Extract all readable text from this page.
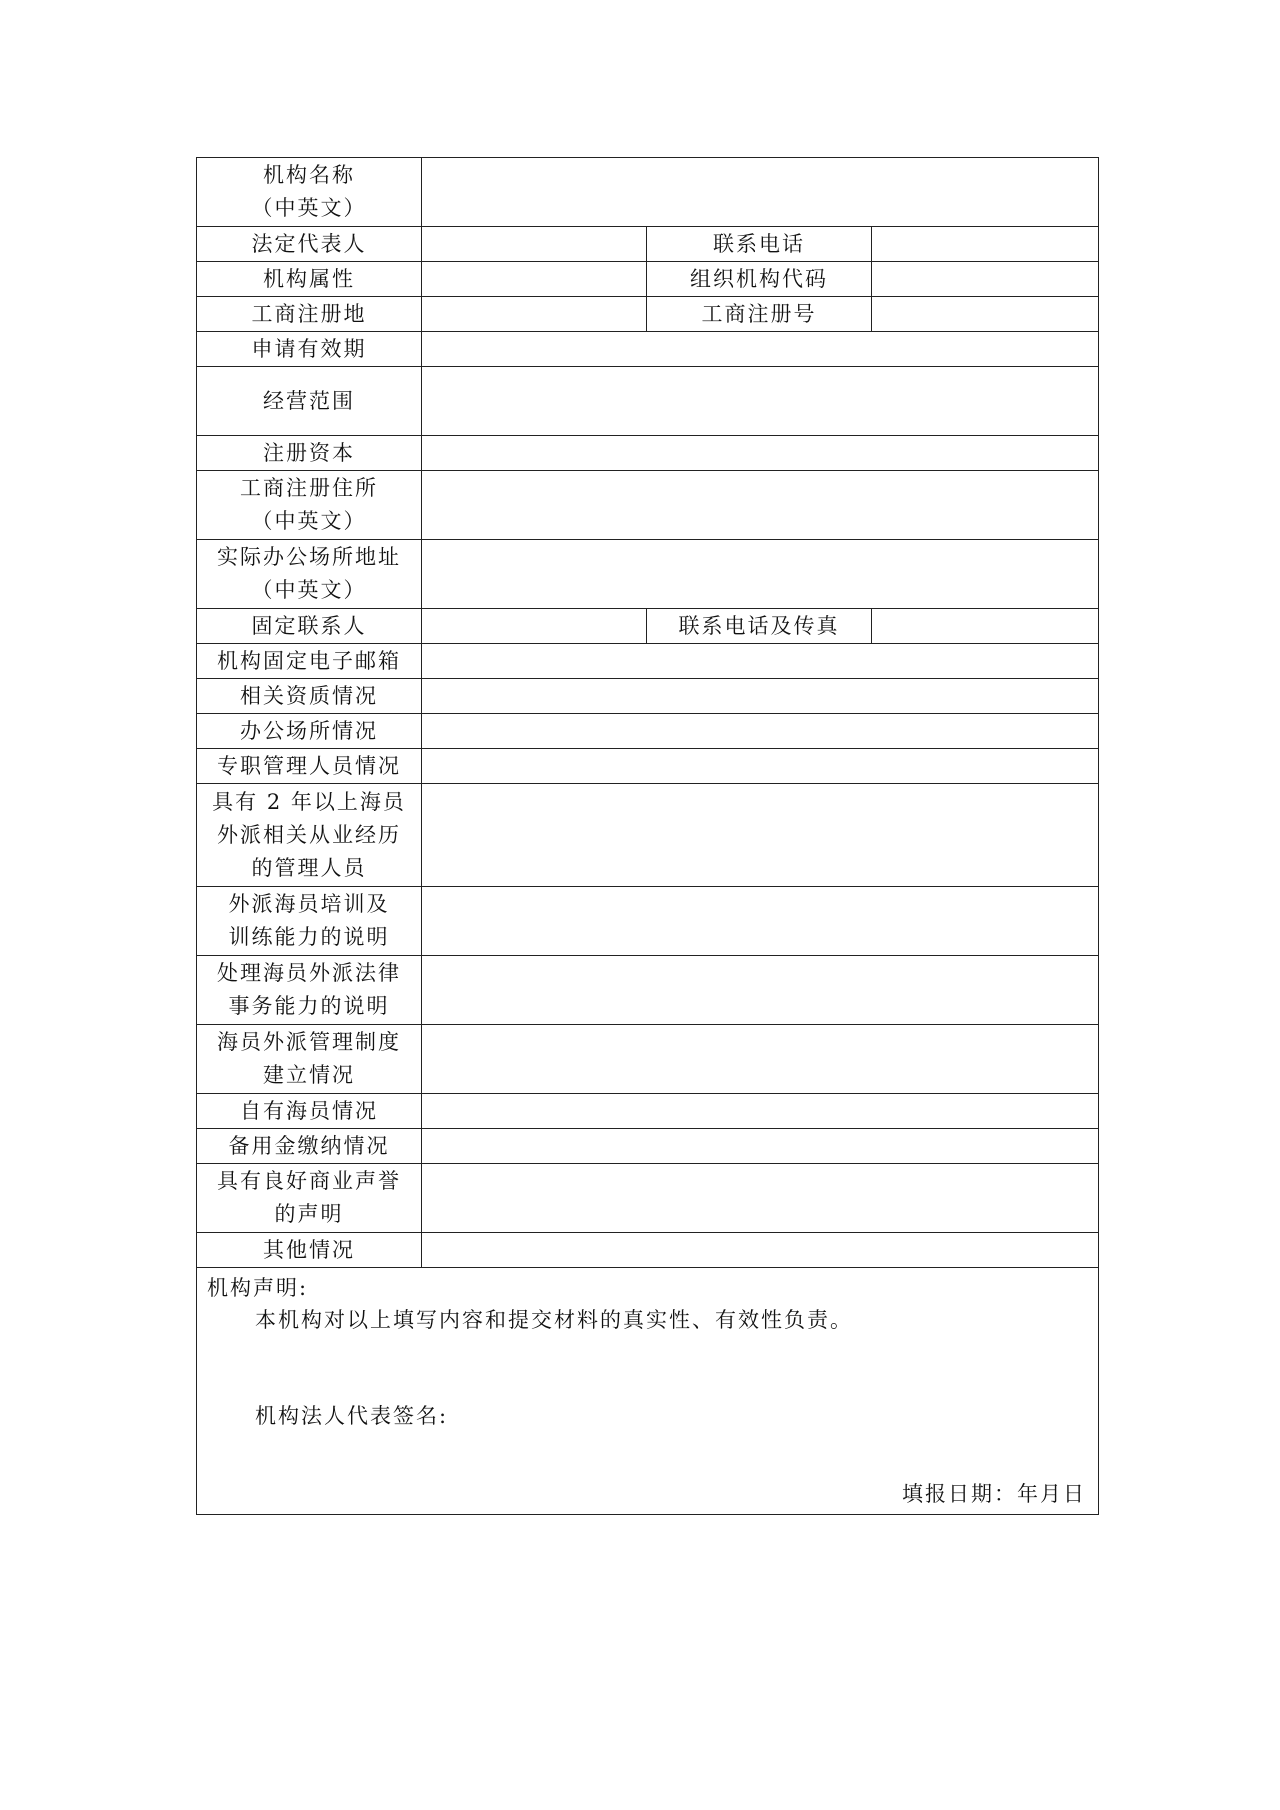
机构名称
（中英文）			

法定代表人		联系电话	
机构属性		组织机构代码	
工商注册地		工商注册号	
申请有效期			
经营范围			
注册资本			

工商注册住所
（中英文）			

实际办公场所地址
（中英文）			

固定联系人		联系电话及传真	
机构固定电子邮箱			
相关资质情况			
办公场所情况			
专职管理人员情况			

具有 2 年以上海员
外派相关从业经历
的管理人员			

外派海员培训及
训练能力的说明			

处理海员外派法律
事务能力的说明			

海员外派管理制度
建立情况			

自有海员情况			
备用金缴纳情况			

具有良好商业声誉
的声明			

其他情况			

机构声明:
本机构对以上填写内容和提交材料的真实性、有效性负责。
机构法人代表签名:
填报日期：年月日			
